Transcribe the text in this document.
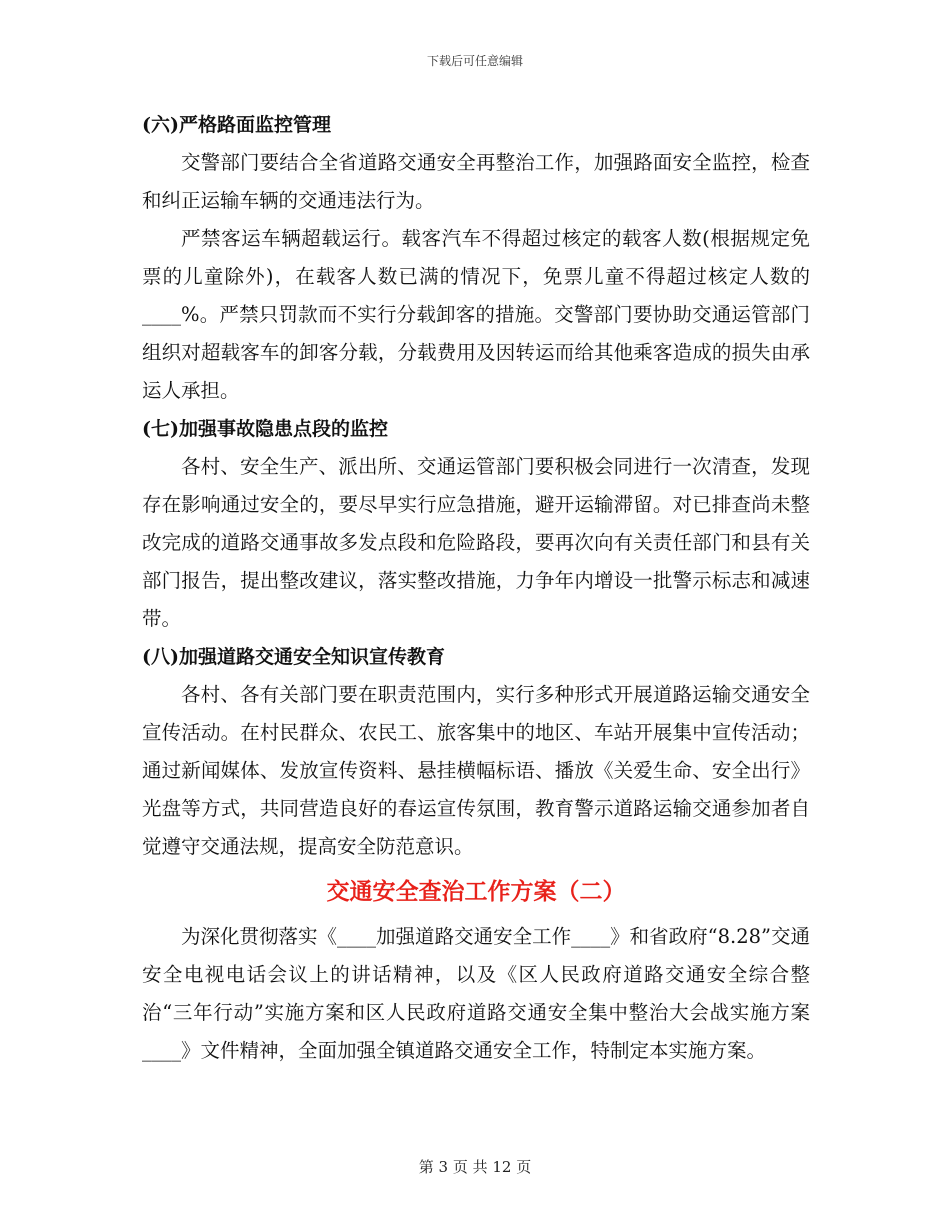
下载后可任意编辑

(六)严格路面监控管理

交警部门要结合全省道路交通安全再整治工作，加强路面安全监控，检查和纠正运输车辆的交通违法行为。

严禁客运车辆超载运行。载客汽车不得超过核定的载客人数(根据规定免票的儿童除外)，在载客人数已满的情况下，免票儿童不得超过核定人数的____%。严禁只罚款而不实行分载卸客的措施。交警部门要协助交通运管部门组织对超载客车的卸客分载，分载费用及因转运而给其他乘客造成的损失由承运人承担。

(七)加强事故隐患点段的监控

各村、安全生产、派出所、交通运管部门要积极会同进行一次清查，发现存在影响通过安全的，要尽早实行应急措施，避开运输滞留。对已排查尚未整改完成的道路交通事故多发点段和危险路段，要再次向有关责任部门和县有关部门报告，提出整改建议，落实整改措施，力争年内增设一批警示标志和减速带。

(八)加强道路交通安全知识宣传教育

各村、各有关部门要在职责范围内，实行多种形式开展道路运输交通安全宣传活动。在村民群众、农民工、旅客集中的地区、车站开展集中宣传活动；通过新闻媒体、发放宣传资料、悬挂横幅标语、播放《关爱生命、安全出行》光盘等方式，共同营造良好的春运宣传氛围，教育警示道路运输交通参加者自觉遵守交通法规，提高安全防范意识。

交通安全查治工作方案（二）

为深化贯彻落实《____加强道路交通安全工作____》和省政府“8.28”交通安全电视电话会议上的讲话精神，以及《区人民政府道路交通安全综合整治“三年行动”实施方案和区人民政府道路交通安全集中整治大会战实施方案____》文件精神，全面加强全镇道路交通安全工作，特制定本实施方案。

第 3 页 共 12 页
